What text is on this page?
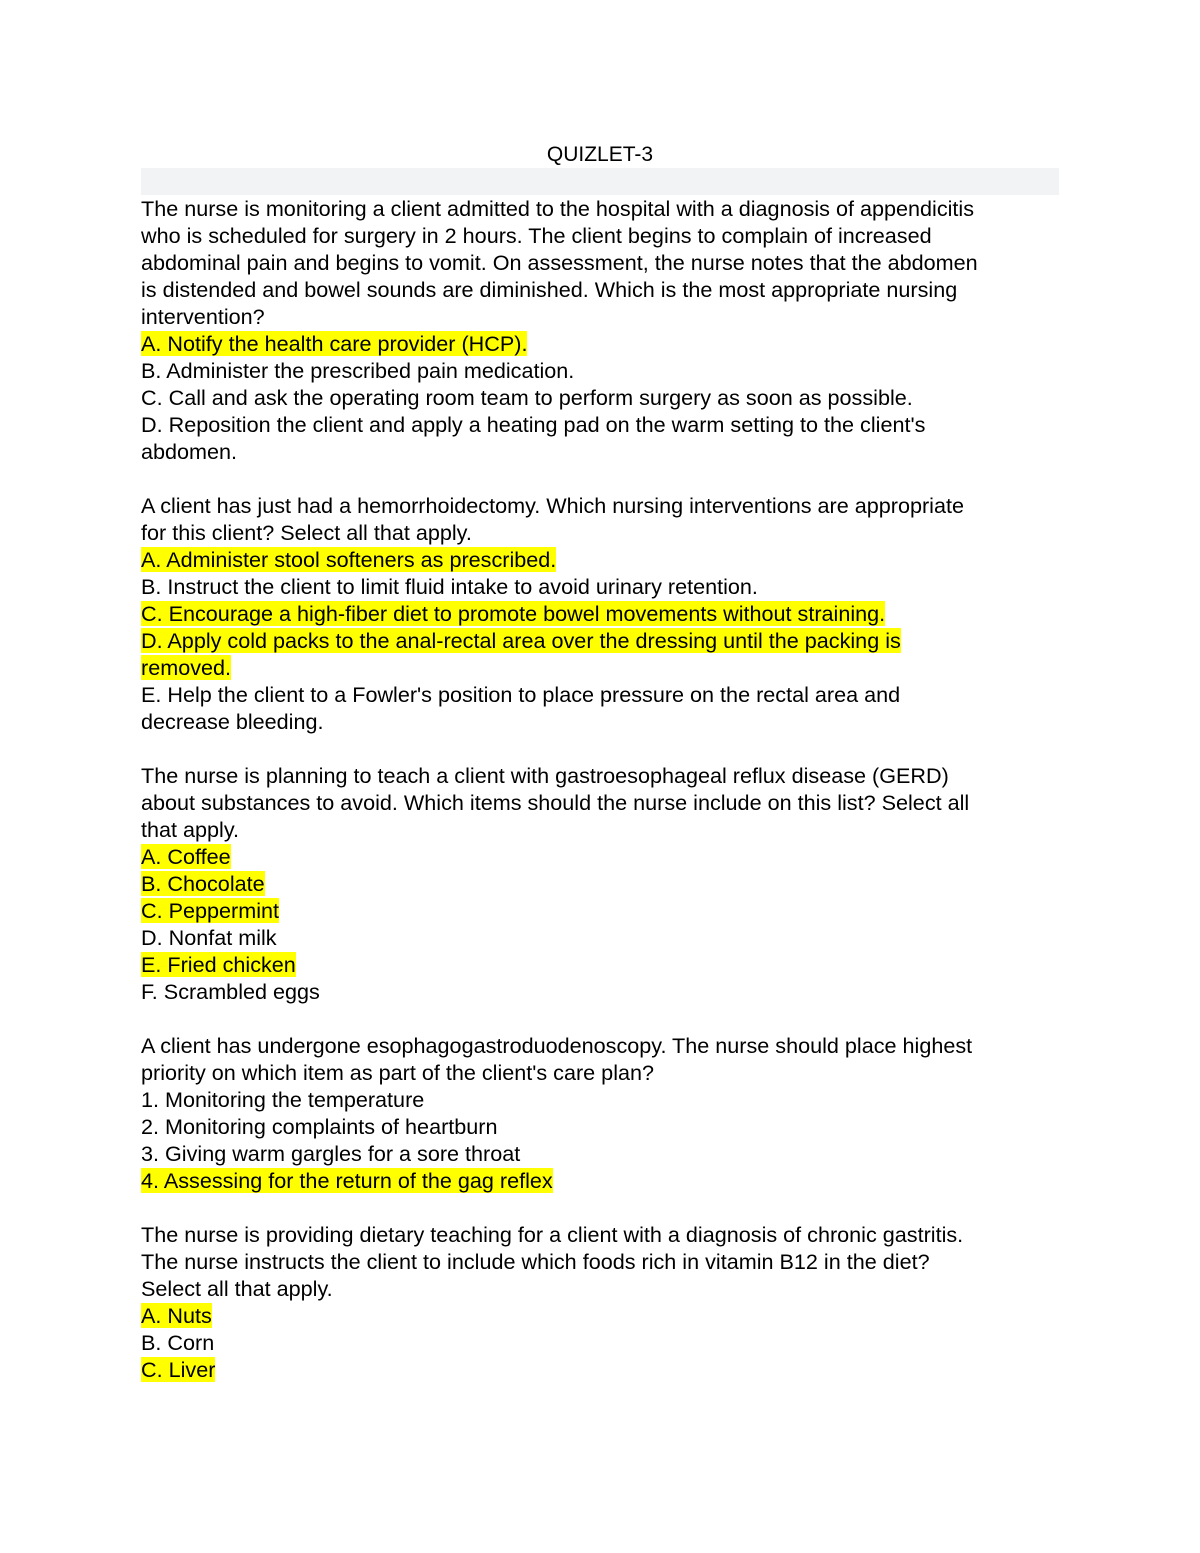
QUIZLET-3
The nurse is monitoring a client admitted to the hospital with a diagnosis of appendicitis
who is scheduled for surgery in 2 hours. The client begins to complain of increased
abdominal pain and begins to vomit. On assessment, the nurse notes that the abdomen
is distended and bowel sounds are diminished. Which is the most appropriate nursing
intervention?
A. Notify the health care provider (HCP).
B. Administer the prescribed pain medication.
C. Call and ask the operating room team to perform surgery as soon as possible.
D. Reposition the client and apply a heating pad on the warm setting to the client's
abdomen.
A client has just had a hemorrhoidectomy. Which nursing interventions are appropriate
for this client? Select all that apply.
A. Administer stool softeners as prescribed.
B. Instruct the client to limit fluid intake to avoid urinary retention.
C. Encourage a high-fiber diet to promote bowel movements without straining.
D. Apply cold packs to the anal-rectal area over the dressing until the packing is
removed.
E. Help the client to a Fowler's position to place pressure on the rectal area and
decrease bleeding.
The nurse is planning to teach a client with gastroesophageal reflux disease (GERD)
about substances to avoid. Which items should the nurse include on this list? Select all
that apply.
A. Coffee
B. Chocolate
C. Peppermint
D. Nonfat milk
E. Fried chicken
F. Scrambled eggs
A client has undergone esophagogastroduodenoscopy. The nurse should place highest
priority on which item as part of the client's care plan?
1. Monitoring the temperature
2. Monitoring complaints of heartburn
3. Giving warm gargles for a sore throat
4. Assessing for the return of the gag reflex
The nurse is providing dietary teaching for a client with a diagnosis of chronic gastritis.
The nurse instructs the client to include which foods rich in vitamin B12 in the diet?
Select all that apply.
A. Nuts
B. Corn
C. Liver
